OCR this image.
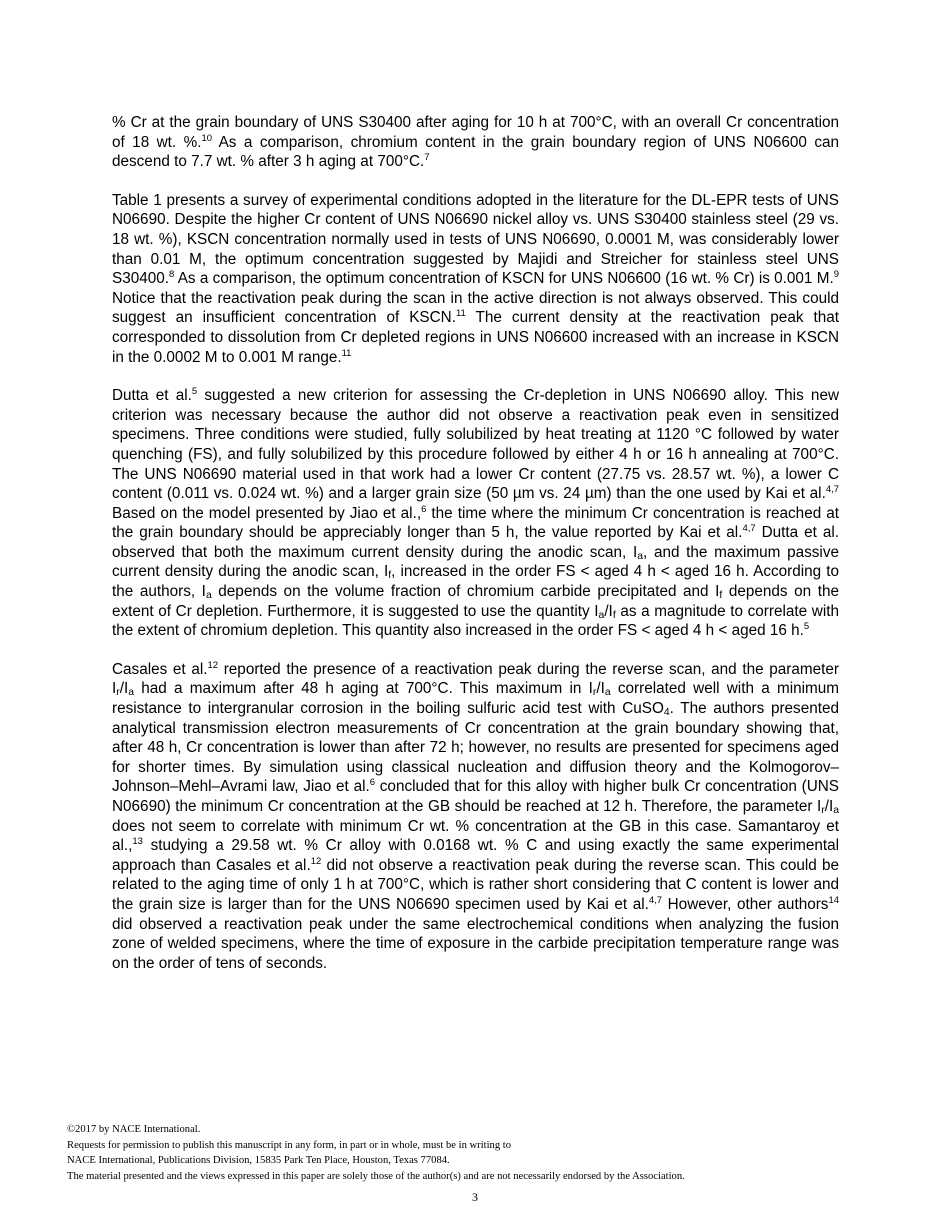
% Cr at the grain boundary of UNS S30400 after aging for 10 h at 700°C, with an overall Cr concentration of 18 wt. %.$^{10}$ As a comparison, chromium content in the grain boundary region of UNS N06600 can descend to 7.7 wt. % after 3 h aging at 700°C.$^7$

Table 1 presents a survey of experimental conditions adopted in the literature for the DL-EPR tests of UNS N06690. Despite the higher Cr content of UNS N06690 nickel alloy vs. UNS S30400 stainless steel (29 vs. 18 wt. %), KSCN concentration normally used in tests of UNS N06690, 0.0001 M, was considerably lower than 0.01 M, the optimum concentration suggested by Majidi and Streicher for stainless steel UNS S30400.$^8$ As a comparison, the optimum concentration of KSCN for UNS N06600 (16 wt. % Cr) is 0.001 M.$^9$ Notice that the reactivation peak during the scan in the active direction is not always observed. This could suggest an insufficient concentration of KSCN.$^{11}$ The current density at the reactivation peak that corresponded to dissolution from Cr depleted regions in UNS N06600 increased with an increase in KSCN in the 0.0002 M to 0.001 M range.$^{11}$

Dutta et al.$^5$ suggested a new criterion for assessing the Cr-depletion in UNS N06690 alloy. This new criterion was necessary because the author did not observe a reactivation peak even in sensitized specimens. Three conditions were studied, fully solubilized by heat treating at 1120 °C followed by water quenching (FS), and fully solubilized by this procedure followed by either 4 h or 16 h annealing at 700°C. The UNS N06690 material used in that work had a lower Cr content (27.75 vs. 28.57 wt. %), a lower C content (0.011 vs. 0.024 wt. %) and a larger grain size (50 µm vs. 24 µm) than the one used by Kai et al.$^{4,7}$ Based on the model presented by Jiao et al.,$^6$ the time where the minimum Cr concentration is reached at the grain boundary should be appreciably longer than 5 h, the value reported by Kai et al.$^{4,7}$ Dutta et al. observed that both the maximum current density during the anodic scan, $I_a$, and the maximum passive current density during the anodic scan, $I_f$, increased in the order FS < aged 4 h < aged 16 h. According to the authors, $I_a$ depends on the volume fraction of chromium carbide precipitated and $I_f$ depends on the extent of Cr depletion. Furthermore, it is suggested to use the quantity $I_a/I_f$ as a magnitude to correlate with the extent of chromium depletion. This quantity also increased in the order FS < aged 4 h < aged 16 h.$^5$

Casales et al.$^{12}$ reported the presence of a reactivation peak during the reverse scan, and the parameter $I_r/I_a$ had a maximum after 48 h aging at 700°C. This maximum in $I_r/I_a$ correlated well with a minimum resistance to intergranular corrosion in the boiling sulfuric acid test with CuSO$_4$. The authors presented analytical transmission electron measurements of Cr concentration at the grain boundary showing that, after 48 h, Cr concentration is lower than after 72 h; however, no results are presented for specimens aged for shorter times. By simulation using classical nucleation and diffusion theory and the Kolmogorov–Johnson–Mehl–Avrami law, Jiao et al.$^6$ concluded that for this alloy with higher bulk Cr concentration (UNS N06690) the minimum Cr concentration at the GB should be reached at 12 h. Therefore, the parameter $I_r/I_a$ does not seem to correlate with minimum Cr wt. % concentration at the GB in this case. Samantaroy et al.,$^{13}$ studying a 29.58 wt. % Cr alloy with 0.0168 wt. % C and using exactly the same experimental approach than Casales et al.$^{12}$ did not observe a reactivation peak during the reverse scan. This could be related to the aging time of only 1 h at 700°C, which is rather short considering that C content is lower and the grain size is larger than for the UNS N06690 specimen used by Kai et al.$^{4,7}$ However, other authors$^{14}$ did observed a reactivation peak under the same electrochemical conditions when analyzing the fusion zone of welded specimens, where the time of exposure in the carbide precipitation temperature range was on the order of tens of seconds.

©2017 by NACE International.
Requests for permission to publish this manuscript in any form, in part or in whole, must be in writing to
NACE International, Publications Division, 15835 Park Ten Place, Houston, Texas 77084.
The material presented and the views expressed in this paper are solely those of the author(s) and are not necessarily endorsed by the Association.
3
